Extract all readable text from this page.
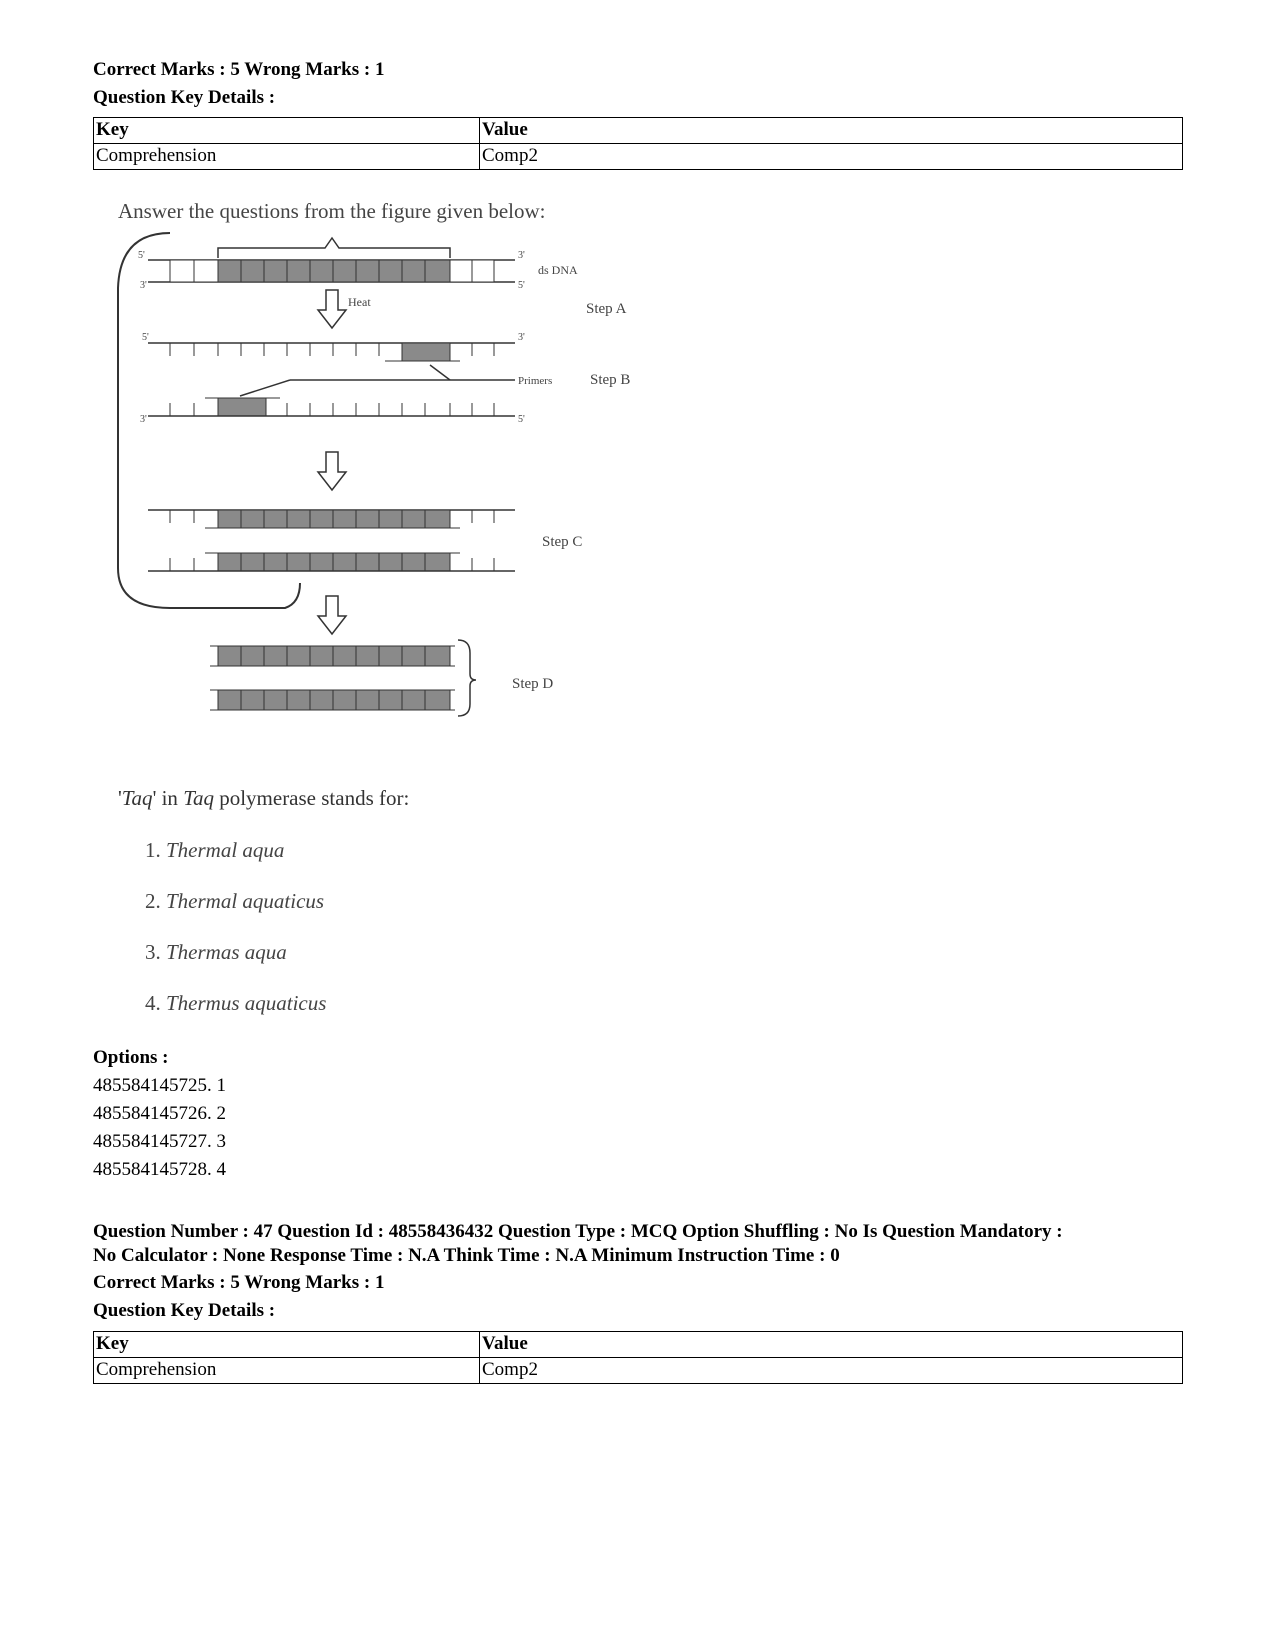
Correct Marks : 5 Wrong Marks : 1
Question Key Details :
Key	Value
Comprehension	Comp2
Answer the questions from the figure given below:
5'
3'
3'
5'
ds DNA
Heat	Step A
5'	3'
Primers	Step B
3'	5'
Step C
Step D
'Taq' in Taq polymerase stands for:
1. Thermal aqua
2. Thermal aquaticus
3. Thermas aqua
4. Thermus aquaticus
Options :
485584145725. 1
485584145726. 2
485584145727. 3
485584145728. 4
Question Number : 47 Question Id : 48558436432 Question Type : MCQ Option Shuffling : No Is Question Mandatory :
No Calculator : None Response Time : N.A Think Time : N.A Minimum Instruction Time : 0
Correct Marks : 5 Wrong Marks : 1
Question Key Details :
Key	Value
Comprehension	Comp2
